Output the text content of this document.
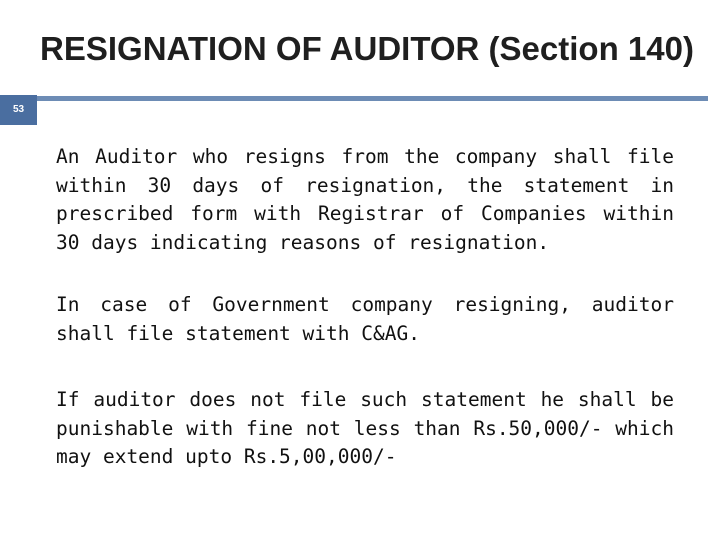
53
RESIGNATION OF AUDITOR (Section 140)
An Auditor who resigns from the company shall file within 30 days of resignation, the statement in prescribed form with Registrar of Companies within 30 days indicating reasons of resignation.
In case of Government company resigning, auditor shall file statement with C&AG.
If auditor does not file such statement he shall be punishable with fine not less than Rs.50,000/- which may extend upto Rs.5,00,000/-
